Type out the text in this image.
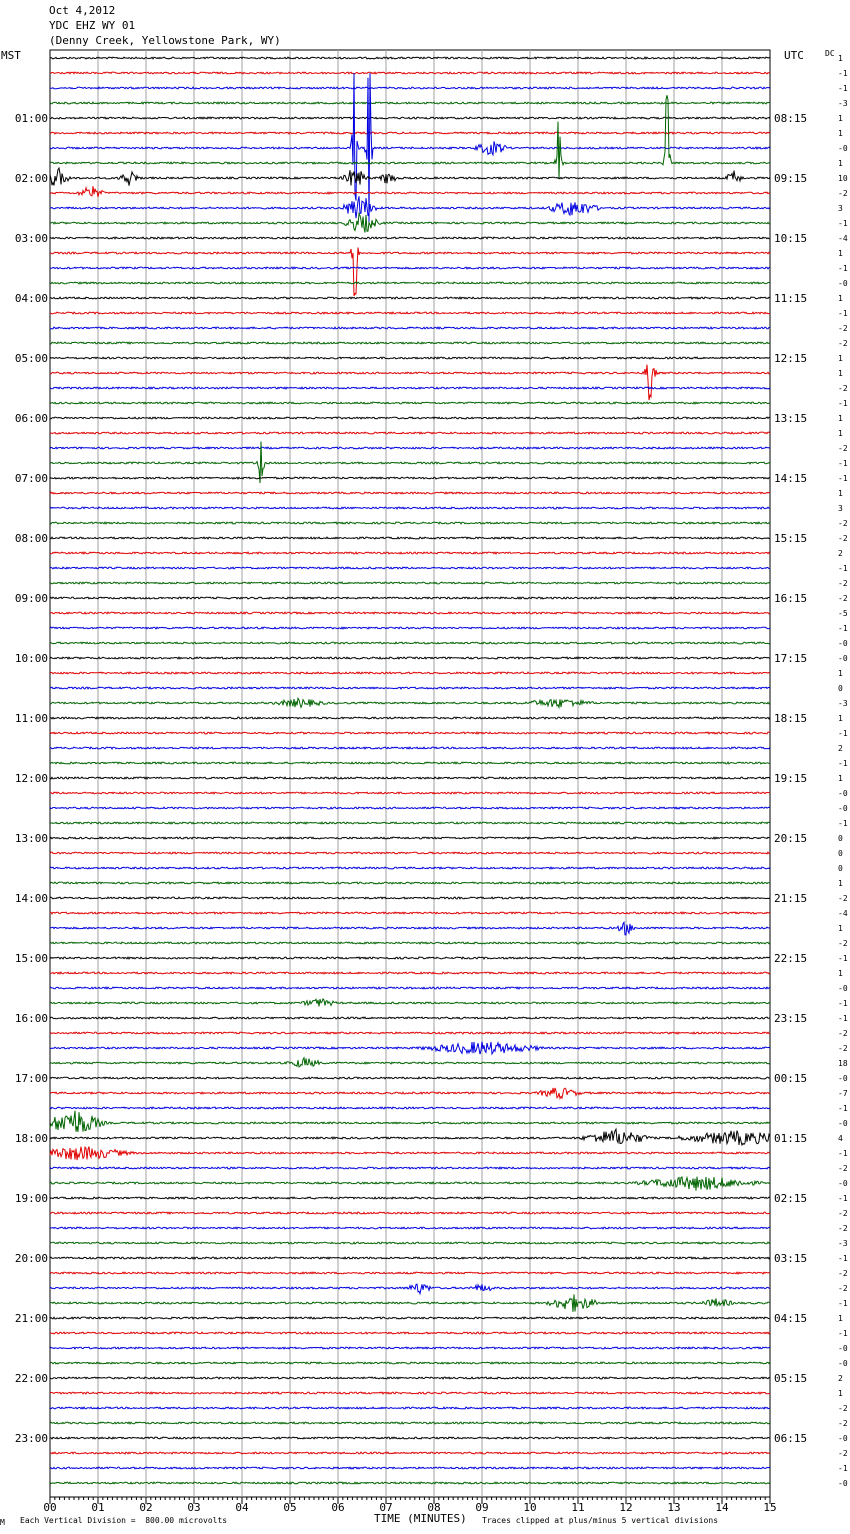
Oct 4,2012
YDC EHZ WY 01
(Denny Creek, Yellowstone Park, WY)
MST	UTC	DC
00	01	02	03	04	05	06	07	08	09	10	11	12	13	14	15
1
-1
-1
-3
1
1
-0
1
10
-2
3
-1
-4
1
-1
-0
1
-1
-2
-2
1
1
-2
-1
1
1
-2
-1
-1
1
3
-2
-2
2
-1
-2
-2
-5
-1
-0
-0
1
0
-3
1
-1
2
-1
1
-0
-0
-1
0
0
0
1
-2
-4
1
-2
-1
1
-0
-1
-1
-2
-2
18
-0
-7
-1
-0
4
-1
-2
-0
-1
-2
-2
-3
-1
-2
-2
-1
1
-1
-0
-0
2
1
-2
-2
-0
-2
-1
-0
01:00
02:00
03:00
04:00
05:00
06:00
07:00
08:00
09:00
10:00
11:00
12:00
13:00
14:00
15:00
16:00
17:00
18:00
19:00
20:00
21:00
22:00
23:00
08:15
09:15
10:15
11:15
12:15
13:15
14:15
15:15
16:15
17:15
18:15
19:15
20:15
21:15
22:15
23:15
00:15
01:15
02:15
03:15
04:15
05:15
06:15
M Each Vertical Division =  800.00 microvolts	TIME (MINUTES) Traces clipped at plus/minus 5 vertical divisions
